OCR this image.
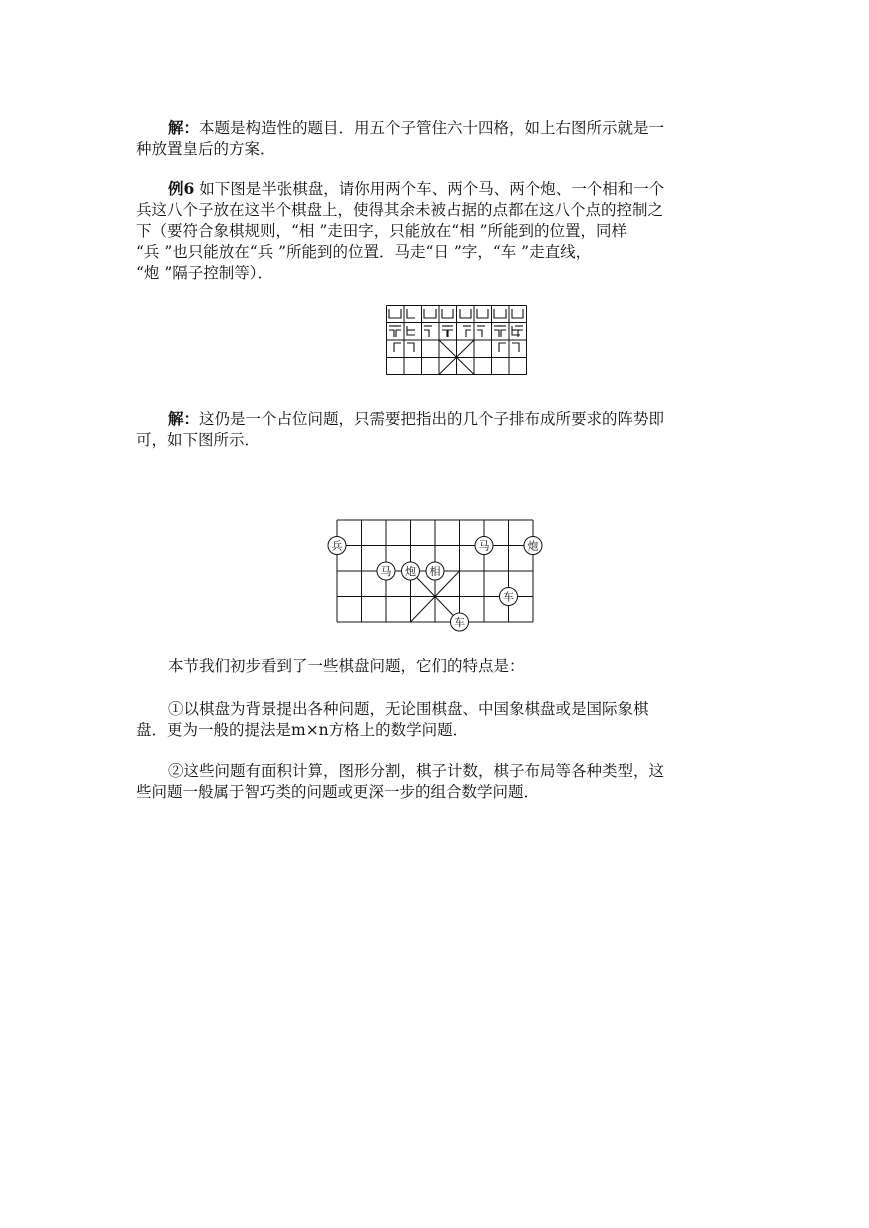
解：本题是构造性的题目．用五个子管住六十四格，如上右图所示就是一
种放置皇后的方案．
例6 如下图是半张棋盘，请你用两个车、两个马、两个炮、一个相和一个
兵这八个子放在这半个棋盘上，使得其余未被占据的点都在这八个点的控制之
下（要符合象棋规则，“相 ”走田字，只能放在“相 ”所能到的位置，同样
“兵 ”也只能放在“兵 ”所能到的位置．马走“日 ”字，“车 ”走直线，
“炮 ”隔子控制等）．
解：这仍是一个占位问题，只需要把指出的几个子排布成所要求的阵势即
可，如下图所示．
兵
马 炮
马	炮
相
车
车
本节我们初步看到了一些棋盘问题，它们的特点是：
①以棋盘为背景提出各种问题，无论围棋盘、中国象棋盘或是国际象棋
盘．更为一般的提法是m×n方格上的数学问题．
②这些问题有面积计算，图形分割，棋子计数，棋子布局等各种类型，这
些问题一般属于智巧类的问题或更深一步的组合数学问题．
